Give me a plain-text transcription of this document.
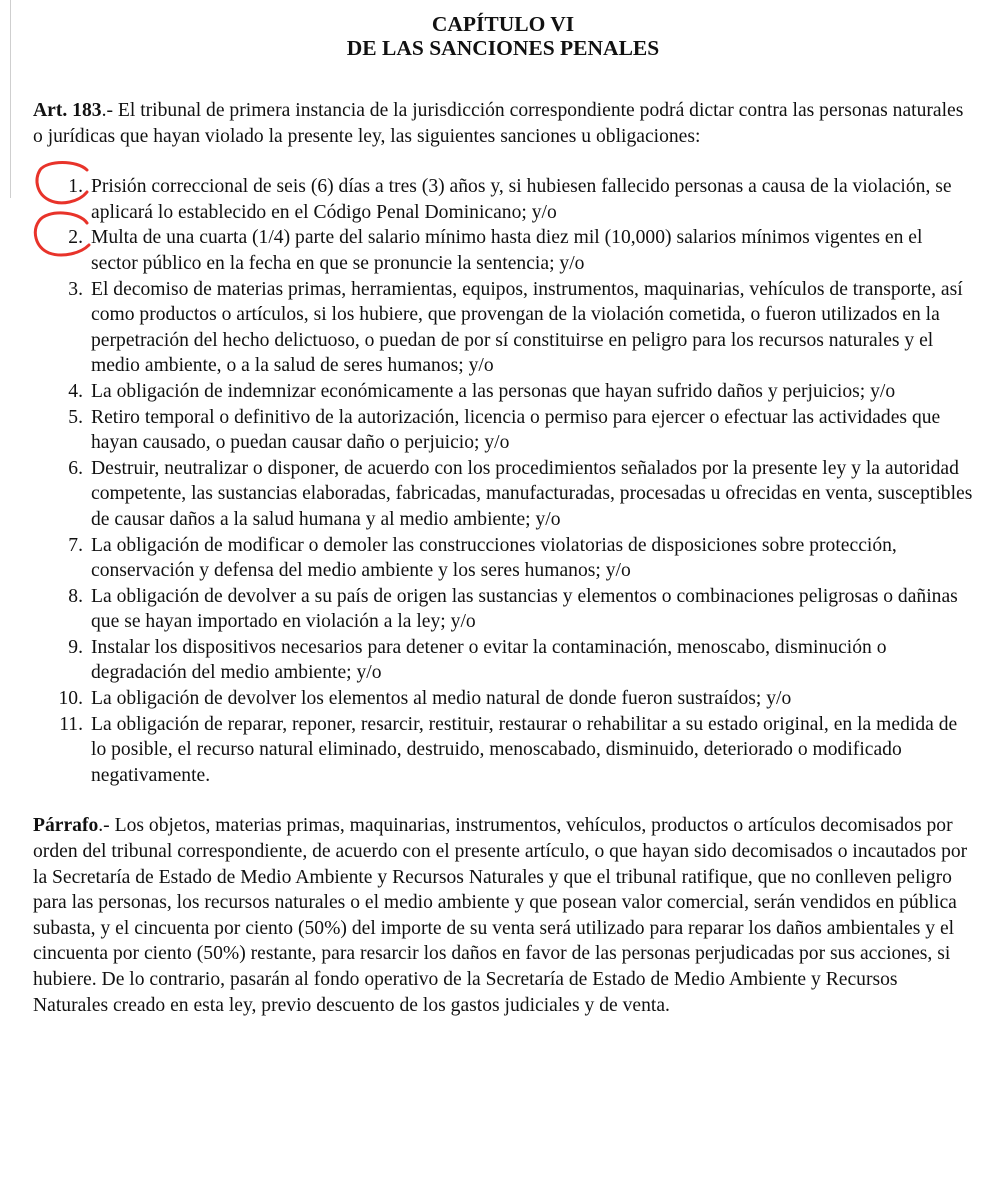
CAPÍTULO VI
DE LAS SANCIONES PENALES

Art. 183.- El tribunal de primera instancia de la jurisdicción correspondiente podrá dictar contra las personas naturales o jurídicas que hayan violado la presente ley, las siguientes sanciones u obligaciones:

1. Prisión correccional de seis (6) días a tres (3) años y, si hubiesen fallecido personas a causa de la violación, se aplicará lo establecido en el Código Penal Dominicano; y/o
2. Multa de una cuarta (1/4) parte del salario mínimo hasta diez mil (10,000) salarios mínimos vigentes en el sector público en la fecha en que se pronuncie la sentencia; y/o
3. El decomiso de materias primas, herramientas, equipos, instrumentos, maquinarias, vehículos de transporte, así como productos o artículos, si los hubiere, que provengan de la violación cometida, o fueron utilizados en la perpetración del hecho delictuoso, o puedan de por sí constituirse en peligro para los recursos naturales y el medio ambiente, o a la salud de seres humanos; y/o
4. La obligación de indemnizar económicamente a las personas que hayan sufrido daños y perjuicios; y/o
5. Retiro temporal o definitivo de la autorización, licencia o permiso para ejercer o efectuar las actividades que hayan causado, o puedan causar daño o perjuicio; y/o
6. Destruir, neutralizar o disponer, de acuerdo con los procedimientos señalados por la presente ley y la autoridad competente, las sustancias elaboradas, fabricadas, manufacturadas, procesadas u ofrecidas en venta, susceptibles de causar daños a la salud humana y al medio ambiente; y/o
7. La obligación de modificar o demoler las construcciones violatorias de disposiciones sobre protección, conservación y defensa del medio ambiente y los seres humanos; y/o
8. La obligación de devolver a su país de origen las sustancias y elementos o combinaciones peligrosas o dañinas que se hayan importado en violación a la ley; y/o
9. Instalar los dispositivos necesarios para detener o evitar la contaminación, menoscabo, disminución o degradación del medio ambiente; y/o
10. La obligación de devolver los elementos al medio natural de donde fueron sustraídos; y/o
11. La obligación de reparar, reponer, resarcir, restituir, restaurar o rehabilitar a su estado original, en la medida de lo posible, el recurso natural eliminado, destruido, menoscabado, disminuido, deteriorado o modificado negativamente.

Párrafo.- Los objetos, materias primas, maquinarias, instrumentos, vehículos, productos o artículos decomisados por orden del tribunal correspondiente, de acuerdo con el presente artículo, o que hayan sido decomisados o incautados por la Secretaría de Estado de Medio Ambiente y Recursos Naturales y que el tribunal ratifique, que no conlleven peligro para las personas, los recursos naturales o el medio ambiente y que posean valor comercial, serán vendidos en pública subasta, y el cincuenta por ciento (50%) del importe de su venta será utilizado para reparar los daños ambientales y el cincuenta por ciento (50%) restante, para resarcir los daños en favor de las personas perjudicadas por sus acciones, si hubiere. De lo contrario, pasarán al fondo operativo de la Secretaría de Estado de Medio Ambiente y Recursos Naturales creado en esta ley, previo descuento de los gastos judiciales y de venta.
